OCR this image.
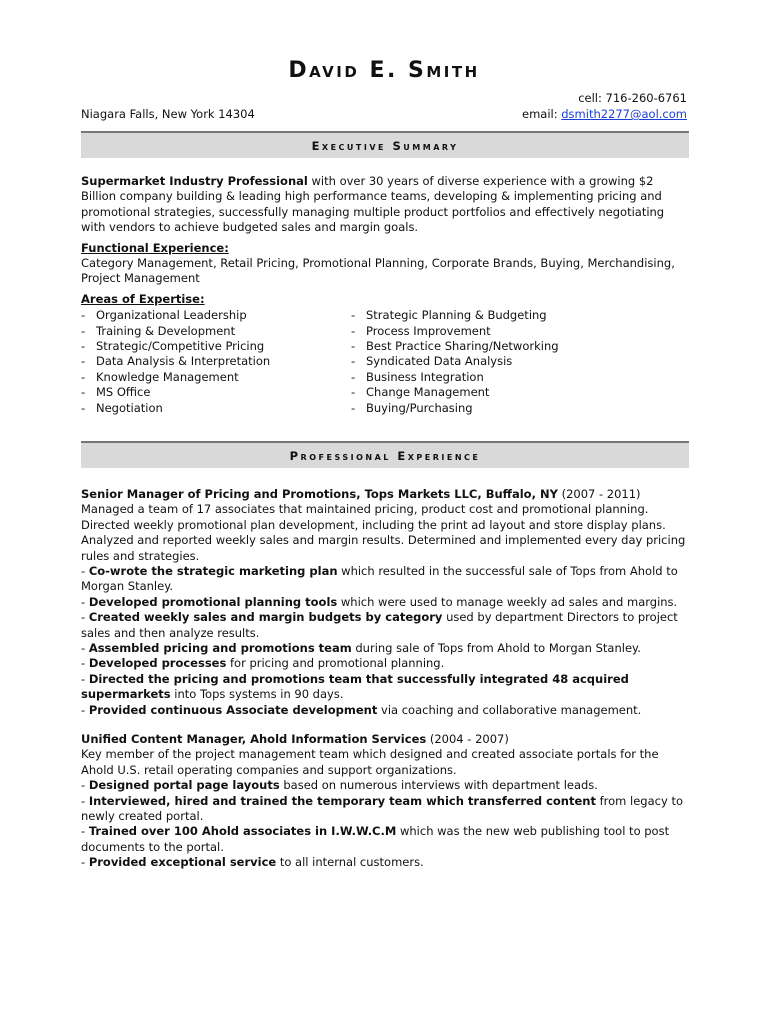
David E. Smith
cell: 716-260-6761
Niagara Falls, New York 14304	email: dsmith2277@aol.com
Executive Summary

Supermarket Industry Professional with over 30 years of diverse experience with a growing $2 Billion company building & leading high performance teams, developing & implementing pricing and promotional strategies, successfully managing multiple product portfolios and effectively negotiating with vendors to achieve budgeted sales and margin goals.

Functional Experience:

Category Management, Retail Pricing, Promotional Planning, Corporate Brands, Buying, Merchandising, Project Management

Areas of Expertise:

- Organizational Leadership
- Training & Development
- Strategic/Competitive Pricing
- Data Analysis & Interpretation
- Knowledge Management
- MS Office
- Negotiation
- Strategic Planning & Budgeting
- Process Improvement
- Best Practice Sharing/Networking
- Syndicated Data Analysis
- Business Integration
- Change Management
- Buying/Purchasing
Professional Experience

Senior Manager of Pricing and Promotions, Tops Markets LLC, Buffalo, NY (2007 - 2011)

Managed a team of 17 associates that maintained pricing, product cost and promotional planning. Directed weekly promotional plan development, including the print ad layout and store display plans. Analyzed and reported weekly sales and margin results. Determined and implemented every day pricing rules and strategies.

- Co-wrote the strategic marketing plan which resulted in the successful sale of Tops from Ahold to Morgan Stanley.

- Developed promotional planning tools which were used to manage weekly ad sales and margins.

- Created weekly sales and margin budgets by category used by department Directors to project sales and then analyze results.

- Assembled pricing and promotions team during sale of Tops from Ahold to Morgan Stanley.

- Developed processes for pricing and promotional planning.

- Directed the pricing and promotions team that successfully integrated 48 acquired supermarkets into Tops systems in 90 days.

- Provided continuous Associate development via coaching and collaborative management.

Unified Content Manager, Ahold Information Services (2004 - 2007)

Key member of the project management team which designed and created associate portals for the Ahold U.S. retail operating companies and support organizations.

- Designed portal page layouts based on numerous interviews with department leads.

- Interviewed, hired and trained the temporary team which transferred content from legacy to newly created portal.

- Trained over 100 Ahold associates in I.W.W.C.M which was the new web publishing tool to post documents to the portal.

- Provided exceptional service to all internal customers.
